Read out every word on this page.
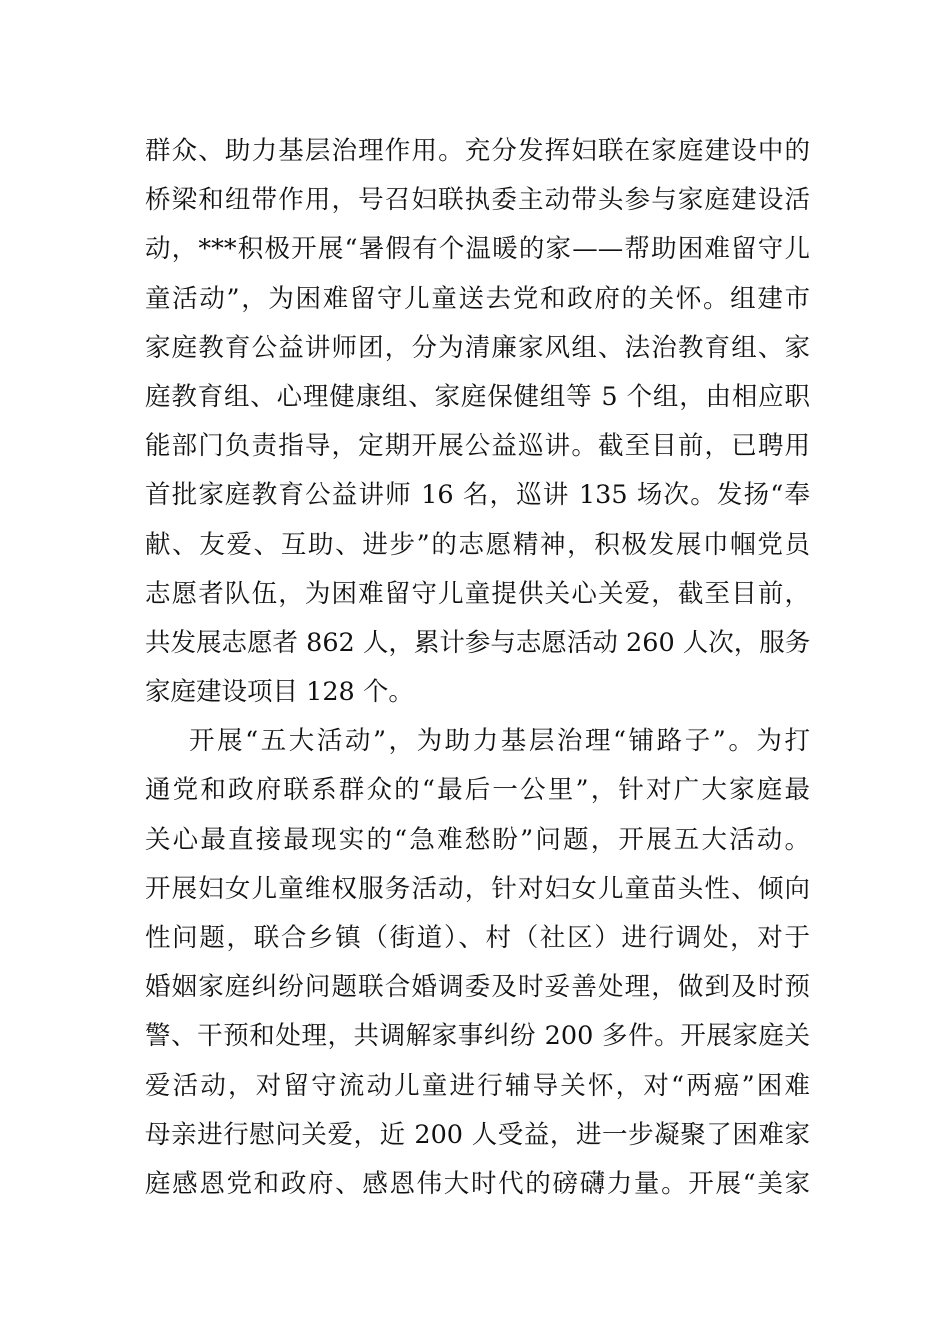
群众、助力基层治理作用。充分发挥妇联在家庭建设中的
桥梁和纽带作用，号召妇联执委主动带头参与家庭建设活
动，***积极开展“暑假有个温暖的家——帮助困难留守儿
童活动”，为困难留守儿童送去党和政府的关怀。组建市
家庭教育公益讲师团，分为清廉家风组、法治教育组、家
庭教育组、心理健康组、家庭保健组等 5 个组，由相应职
能部门负责指导，定期开展公益巡讲。截至目前，已聘用
首批家庭教育公益讲师 16 名，巡讲 135 场次。发扬“奉
献、友爱、互助、进步”的志愿精神，积极发展巾帼党员
志愿者队伍，为困难留守儿童提供关心关爱，截至目前，
共发展志愿者 862 人，累计参与志愿活动 260 人次，服务
家庭建设项目 128 个。
开展“五大活动”，为助力基层治理“铺路子”。为打
通党和政府联系群众的“最后一公里”，针对广大家庭最
关心最直接最现实的“急难愁盼”问题，开展五大活动。
开展妇女儿童维权服务活动，针对妇女儿童苗头性、倾向
性问题，联合乡镇（街道）、村（社区）进行调处，对于
婚姻家庭纠纷问题联合婚调委及时妥善处理，做到及时预
警、干预和处理，共调解家事纠纷 200 多件。开展家庭关
爱活动，对留守流动儿童进行辅导关怀，对“两癌”困难
母亲进行慰问关爱，近 200 人受益，进一步凝聚了困难家
庭感恩党和政府、感恩伟大时代的磅礴力量。开展“美家
